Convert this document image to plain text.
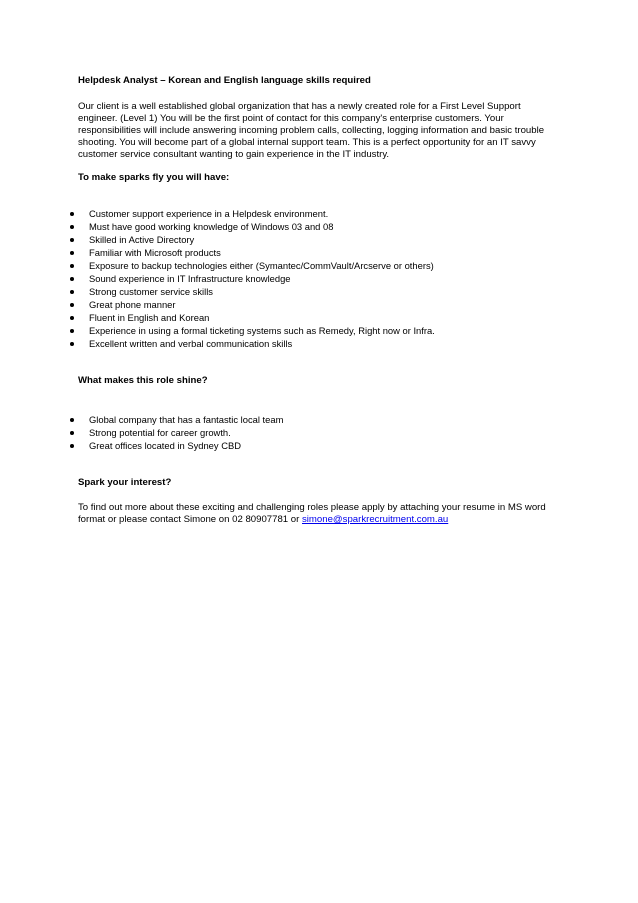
Helpdesk Analyst – Korean and English language skills required
Our client is a well established global organization that has a newly created role for a First Level Support
engineer. (Level 1) You will be the first point of contact for this company's enterprise customers. Your
responsibilities will include answering incoming problem calls, collecting, logging information and basic trouble
shooting. You will become part of a global internal support team. This is a perfect opportunity for an IT savvy
customer service consultant wanting to gain experience in the IT industry.
To make sparks fly you will have:
Customer support experience in a Helpdesk environment.
Must have good working knowledge of Windows 03 and 08
Skilled in Active Directory
Familiar with Microsoft products
Exposure to backup technologies either (Symantec/CommVault/Arcserve or others)
Sound experience in IT Infrastructure knowledge
Strong customer service skills
Great phone manner
Fluent in English and Korean
Experience in using a formal ticketing systems such as Remedy, Right now or Infra.
Excellent written and verbal communication skills
What makes this role shine?
Global company that has a fantastic local team
Strong potential for career growth.
Great offices located in Sydney CBD
Spark your interest?
To find out more about these exciting and challenging roles please apply by attaching your resume in MS word
format or please contact Simone on 02 80907781 or simone@sparkrecruitment.com.au
